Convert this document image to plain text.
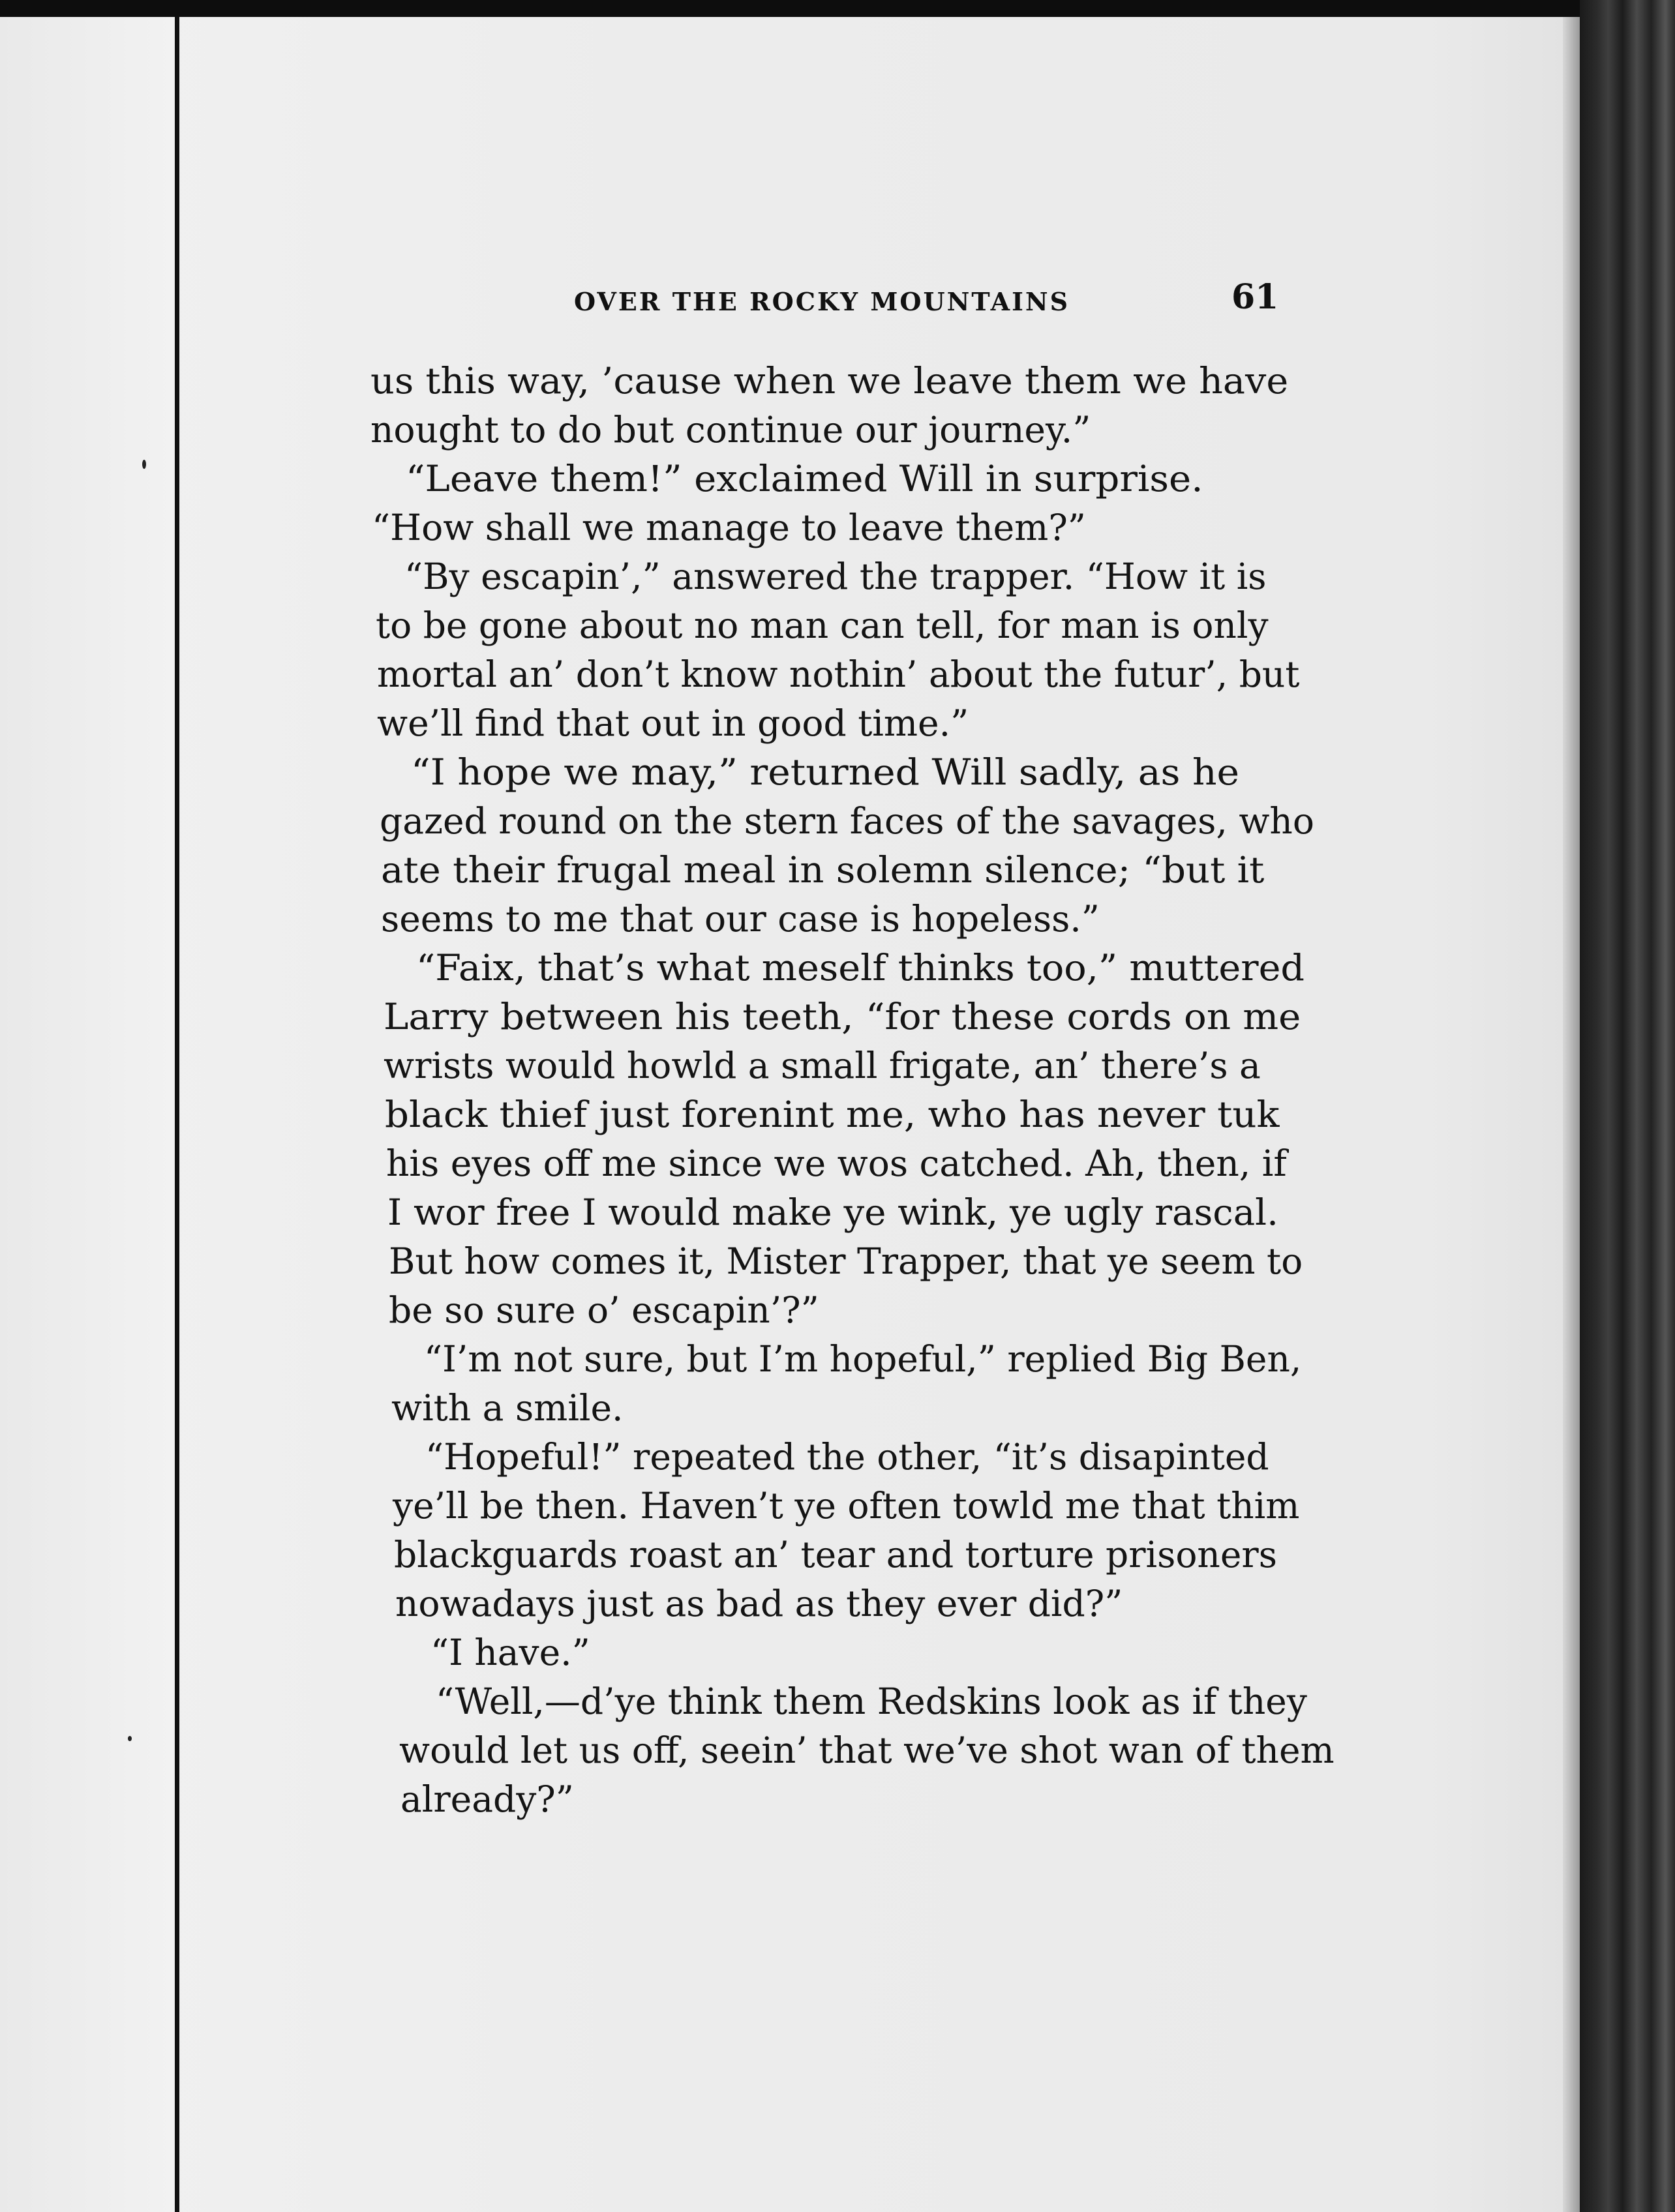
OVER THE ROCKY MOUNTAINS	61
us this way, ’cause when we leave them we have
nought to do but continue our journey.”
“Leave them!” exclaimed Will in surprise.
“How shall we manage to leave them?”
“By escapin’,” answered the trapper. “How it is
to be gone about no man can tell, for man is only
mortal an’ don’t know nothin’ about the futur’, but
we’ll find that out in good time.”
“I hope we may,” returned Will sadly, as he
gazed round on the stern faces of the savages, who
ate their frugal meal in solemn silence; “but it
seems to me that our case is hopeless.”
“Faix, that’s what meself thinks too,” muttered
Larry between his teeth, “for these cords on me
wrists would howld a small frigate, an’ there’s a
black thief just forenint me, who has never tuk
his eyes off me since we wos catched. Ah, then, if
I wor free I would make ye wink, ye ugly rascal.
But how comes it, Mister Trapper, that ye seem to
be so sure o’ escapin’?”
“I’m not sure, but I’m hopeful,” replied Big Ben,
with a smile.
“Hopeful!” repeated the other, “it’s disapinted
ye’ll be then. Haven’t ye often towld me that thim
blackguards roast an’ tear and torture prisoners
nowadays just as bad as they ever did?”
“I have.”
“Well,—d’ye think them Redskins look as if they
would let us off, seein’ that we’ve shot wan of them
already?”
